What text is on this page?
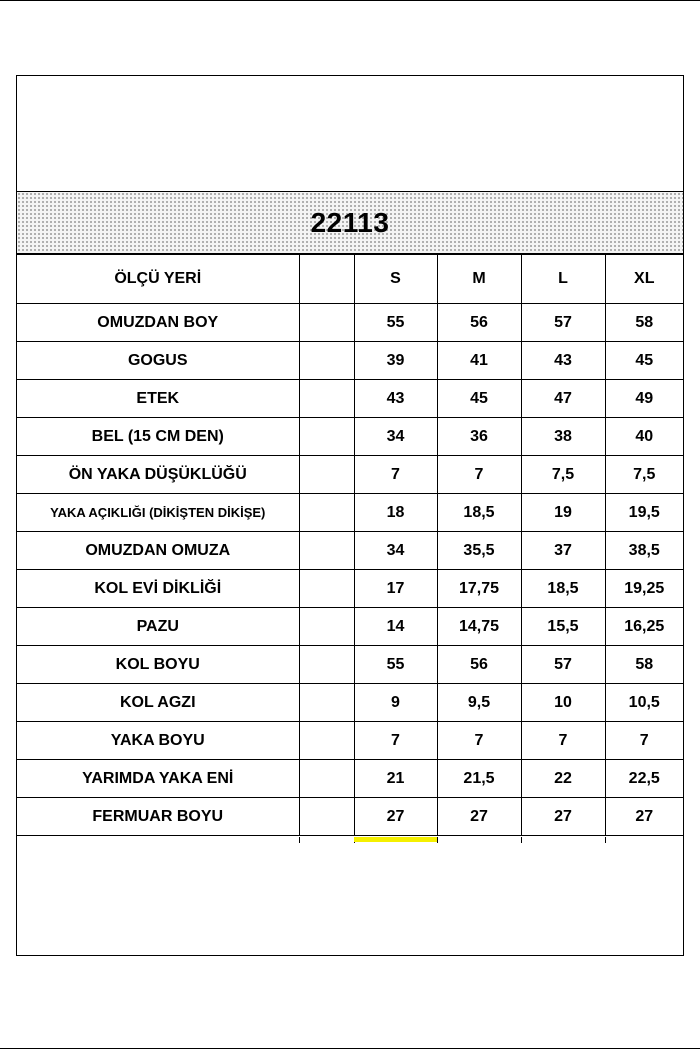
22113
ÖLÇÜ YERİ		S	M	L	XL
OMUZDAN BOY		55	56	57	58
GOGUS		39	41	43	45
ETEK		43	45	47	49
BEL (15 CM DEN)		34	36	38	40
ÖN YAKA DÜŞÜKLÜĞÜ		7	7	7,5	7,5
YAKA AÇIKLIĞI (DİKİŞTEN DİKİŞE)		18	18,5	19	19,5
OMUZDAN OMUZA		34	35,5	37	38,5
KOL EVİ DİKLİĞİ		17	17,75	18,5	19,25
PAZU		14	14,75	15,5	16,25
KOL BOYU		55	56	57	58
KOL AGZI		9	9,5	10	10,5
YAKA BOYU		7	7	7	7
YARIMDA YAKA ENİ		21	21,5	22	22,5
FERMUAR BOYU		27	27	27	27
